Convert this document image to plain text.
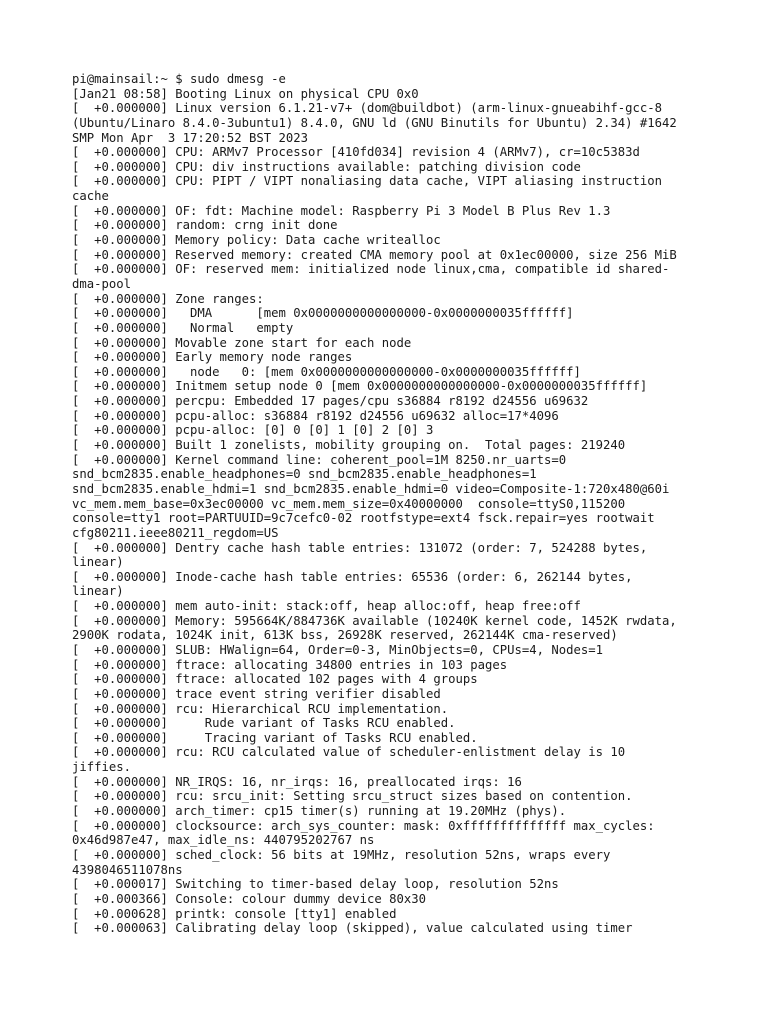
pi@mainsail:~ $ sudo dmesg -e
[Jan21 08:58] Booting Linux on physical CPU 0x0
[  +0.000000] Linux version 6.1.21-v7+ (dom@buildbot) (arm-linux-gnueabihf-gcc-8
(Ubuntu/Linaro 8.4.0-3ubuntu1) 8.4.0, GNU ld (GNU Binutils for Ubuntu) 2.34) #1642
SMP Mon Apr  3 17:20:52 BST 2023
[  +0.000000] CPU: ARMv7 Processor [410fd034] revision 4 (ARMv7), cr=10c5383d
[  +0.000000] CPU: div instructions available: patching division code
[  +0.000000] CPU: PIPT / VIPT nonaliasing data cache, VIPT aliasing instruction
cache
[  +0.000000] OF: fdt: Machine model: Raspberry Pi 3 Model B Plus Rev 1.3
[  +0.000000] random: crng init done
[  +0.000000] Memory policy: Data cache writealloc
[  +0.000000] Reserved memory: created CMA memory pool at 0x1ec00000, size 256 MiB
[  +0.000000] OF: reserved mem: initialized node linux,cma, compatible id shared-
dma-pool
[  +0.000000] Zone ranges:
[  +0.000000]   DMA      [mem 0x0000000000000000-0x0000000035ffffff]
[  +0.000000]   Normal   empty
[  +0.000000] Movable zone start for each node
[  +0.000000] Early memory node ranges
[  +0.000000]   node   0: [mem 0x0000000000000000-0x0000000035ffffff]
[  +0.000000] Initmem setup node 0 [mem 0x0000000000000000-0x0000000035ffffff]
[  +0.000000] percpu: Embedded 17 pages/cpu s36884 r8192 d24556 u69632
[  +0.000000] pcpu-alloc: s36884 r8192 d24556 u69632 alloc=17*4096
[  +0.000000] pcpu-alloc: [0] 0 [0] 1 [0] 2 [0] 3
[  +0.000000] Built 1 zonelists, mobility grouping on.  Total pages: 219240
[  +0.000000] Kernel command line: coherent_pool=1M 8250.nr_uarts=0
snd_bcm2835.enable_headphones=0 snd_bcm2835.enable_headphones=1
snd_bcm2835.enable_hdmi=1 snd_bcm2835.enable_hdmi=0 video=Composite-1:720x480@60i
vc_mem.mem_base=0x3ec00000 vc_mem.mem_size=0x40000000  console=ttyS0,115200
console=tty1 root=PARTUUID=9c7cefc0-02 rootfstype=ext4 fsck.repair=yes rootwait
cfg80211.ieee80211_regdom=US
[  +0.000000] Dentry cache hash table entries: 131072 (order: 7, 524288 bytes,
linear)
[  +0.000000] Inode-cache hash table entries: 65536 (order: 6, 262144 bytes,
linear)
[  +0.000000] mem auto-init: stack:off, heap alloc:off, heap free:off
[  +0.000000] Memory: 595664K/884736K available (10240K kernel code, 1452K rwdata,
2900K rodata, 1024K init, 613K bss, 26928K reserved, 262144K cma-reserved)
[  +0.000000] SLUB: HWalign=64, Order=0-3, MinObjects=0, CPUs=4, Nodes=1
[  +0.000000] ftrace: allocating 34800 entries in 103 pages
[  +0.000000] ftrace: allocated 102 pages with 4 groups
[  +0.000000] trace event string verifier disabled
[  +0.000000] rcu: Hierarchical RCU implementation.
[  +0.000000]     Rude variant of Tasks RCU enabled.
[  +0.000000]     Tracing variant of Tasks RCU enabled.
[  +0.000000] rcu: RCU calculated value of scheduler-enlistment delay is 10
jiffies.
[  +0.000000] NR_IRQS: 16, nr_irqs: 16, preallocated irqs: 16
[  +0.000000] rcu: srcu_init: Setting srcu_struct sizes based on contention.
[  +0.000000] arch_timer: cp15 timer(s) running at 19.20MHz (phys).
[  +0.000000] clocksource: arch_sys_counter: mask: 0xffffffffffffff max_cycles:
0x46d987e47, max_idle_ns: 440795202767 ns
[  +0.000000] sched_clock: 56 bits at 19MHz, resolution 52ns, wraps every
4398046511078ns
[  +0.000017] Switching to timer-based delay loop, resolution 52ns
[  +0.000366] Console: colour dummy device 80x30
[  +0.000628] printk: console [tty1] enabled
[  +0.000063] Calibrating delay loop (skipped), value calculated using timer
